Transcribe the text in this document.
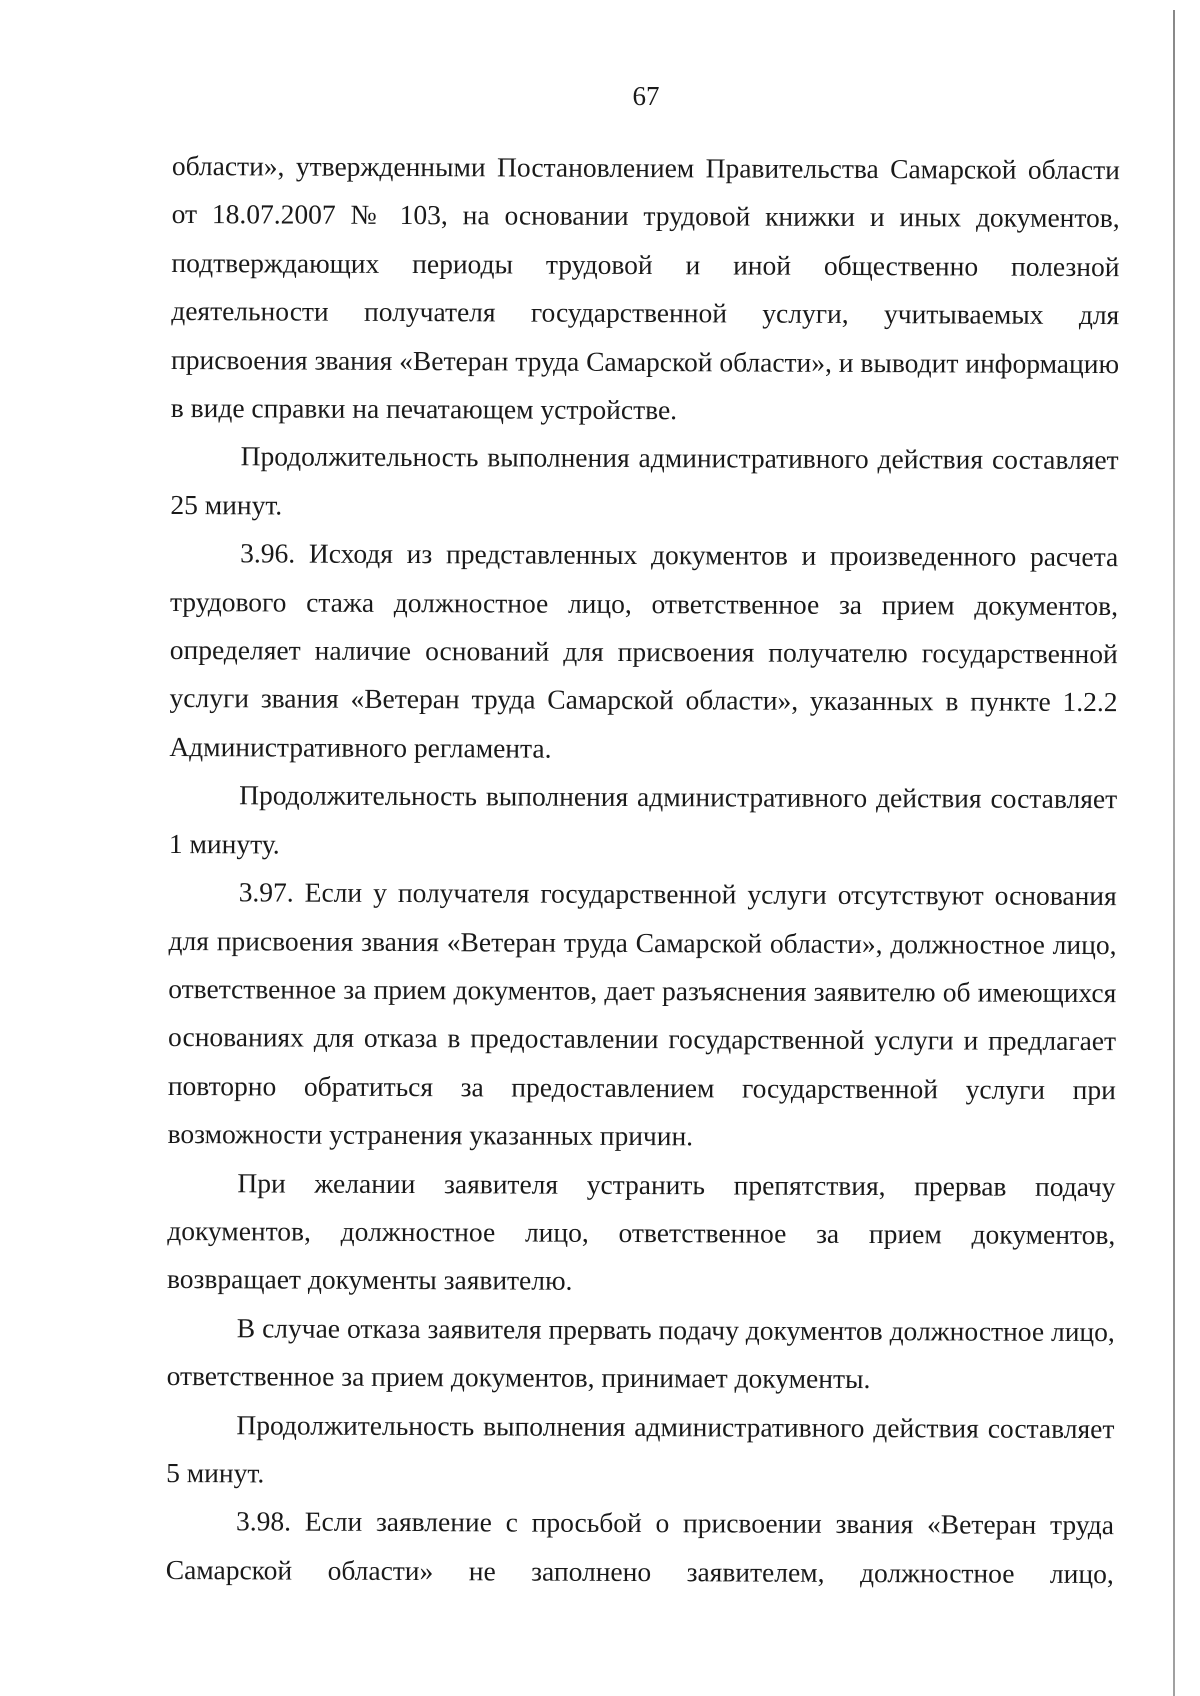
67

области», утвержденными Постановлением Правительства Самарской области от 18.07.2007 № 103, на основании трудовой книжки и иных документов, подтверждающих периоды трудовой и иной общественно полезной деятельности получателя государственной услуги, учитываемых для присвоения звания «Ветеран труда Самарской области», и выводит информацию в виде справки на печатающем устройстве.

Продолжительность выполнения административного действия составляет 25 минут.

3.96. Исходя из представленных документов и произведенного расчета трудового стажа должностное лицо, ответственное за прием документов, определяет наличие оснований для присвоения получателю государственной услуги звания «Ветеран труда Самарской области», указанных в пункте 1.2.2 Административного регламента.

Продолжительность выполнения административного действия составляет 1 минуту.

3.97. Если у получателя государственной услуги отсутствуют основания для присвоения звания «Ветеран труда Самарской области», должностное лицо, ответственное за прием документов, дает разъяснения заявителю об имеющихся основаниях для отказа в предоставлении государственной услуги и предлагает повторно обратиться за предоставлением государственной услуги при возможности устранения указанных причин.

При желании заявителя устранить препятствия, прервав подачу документов, должностное лицо, ответственное за прием документов, возвращает документы заявителю.

В случае отказа заявителя прервать подачу документов должностное лицо, ответственное за прием документов, принимает документы.

Продолжительность выполнения административного действия составляет 5 минут.

3.98. Если заявление с просьбой о присвоении звания «Ветеран труда Самарской области» не заполнено заявителем, должностное лицо,
